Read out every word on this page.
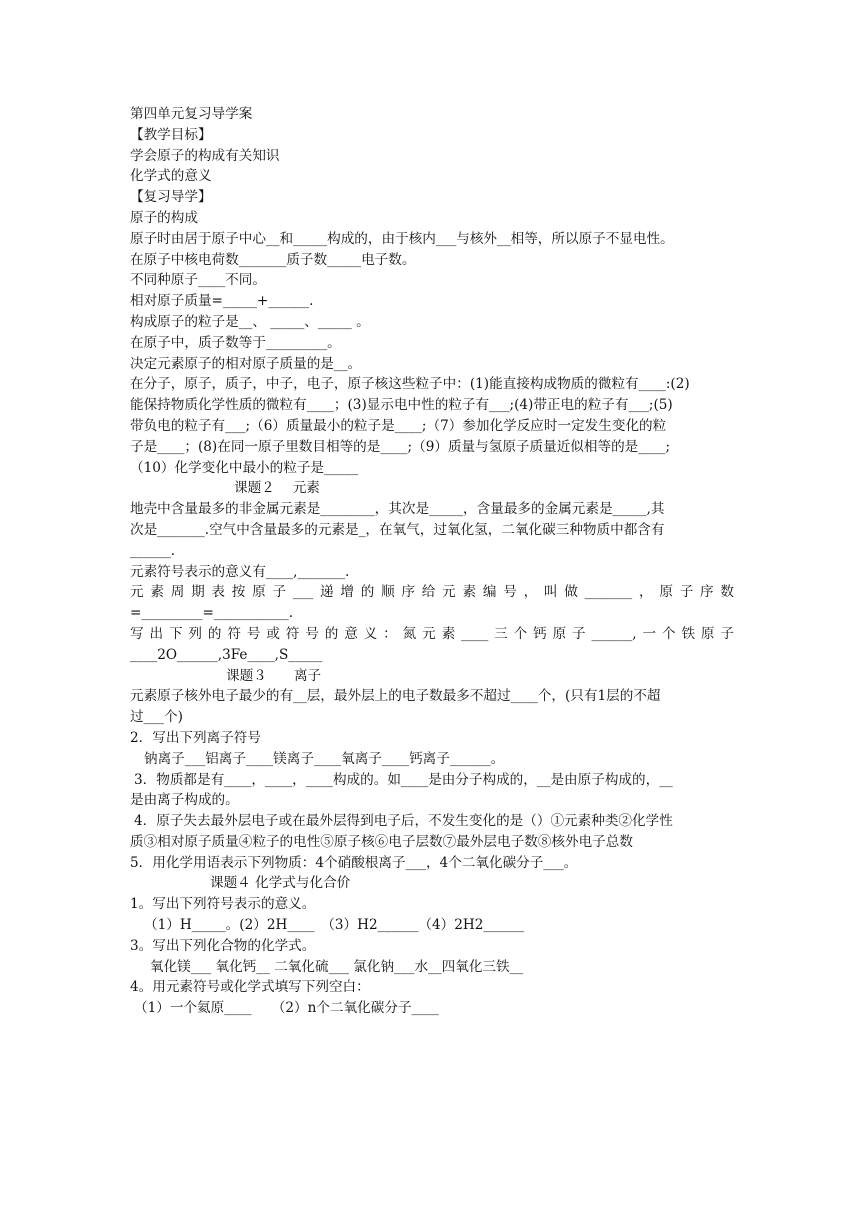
第四单元复习导学案
【教学目标】
学会原子的构成有关知识
化学式的意义
【复习导学】
原子的构成
原子时由居于原子中心__和_____构成的，由于核内___与核外__相等，所以原子不显电性。
在原子中核电荷数_______质子数_____电子数。
不同种原子____不同。
相对原子质量=_____+______.
构成原子的粒子是__、 _____、_____ 。
在原子中，质子数等于_________。
决定元素原子的相对原子质量的是__。
在分子，原子，质子，中子，电子，原子核这些粒子中：(1)能直接构成物质的微粒有____:(2)
能保持物质化学性质的微粒有____；(3)显示电中性的粒子有___;(4)带正电的粒子有___;(5)
带负电的粒子有___;（6）质量最小的粒子是____;（7）参加化学反应时一定发生变化的粒
子是____；(8)在同一原子里数目相等的是____;（9）质量与氢原子质量近似相等的是____;
（10）化学变化中最小的粒子是_____
课题２　 元素
地壳中含量最多的非金属元素是________，其次是_____，含量最多的金属元素是_____,其
次是_______.空气中含量最多的元素是_，在氧气，过氧化氢，二氧化碳三种物质中都含有
______.
元素符号表示的意义有____,_______.
元素周期表按原子___递增的顺序给元素编号，叫做_______，原子序数
=_________=___________.
写出下列的符号或符号的意义：氮元素____三个钙原子______,一个铁原子
____2O______,3Fe____,S_____
课题３　　离子
元素原子核外电子最少的有__层，最外层上的电子数最多不超过____个，(只有1层的不超
过___个)
2．写出下列离子符号
钠离子___铝离子____镁离子____氧离子____钙离子______。
3．物质都是有____，____，____构成的。如____是由分子构成的，__是由原子构成的，__
是由离子构成的。
4．原子失去最外层电子或在最外层得到电子后，不发生变化的是（）①元素种类②化学性
质③相对原子质量④粒子的电性⑤原子核⑥电子层数⑦最外层电子数⑧核外电子总数
5．用化学用语表示下列物质：4个硝酸根离子___，4个二氧化碳分子___。
课题４ 化学式与化合价
1。写出下列符号表示的意义。
（1）H_____。(2）2H____　（3）H2______（4）2H2______
3。写出下列化合物的化学式。
氧化镁___ 氧化钙__ 二氧化硫___ 氯化钠___水__四氧化三铁__
4。用元素符号或化学式填写下列空白：
（1）一个氦原____　　（2）n个二氧化碳分子____
